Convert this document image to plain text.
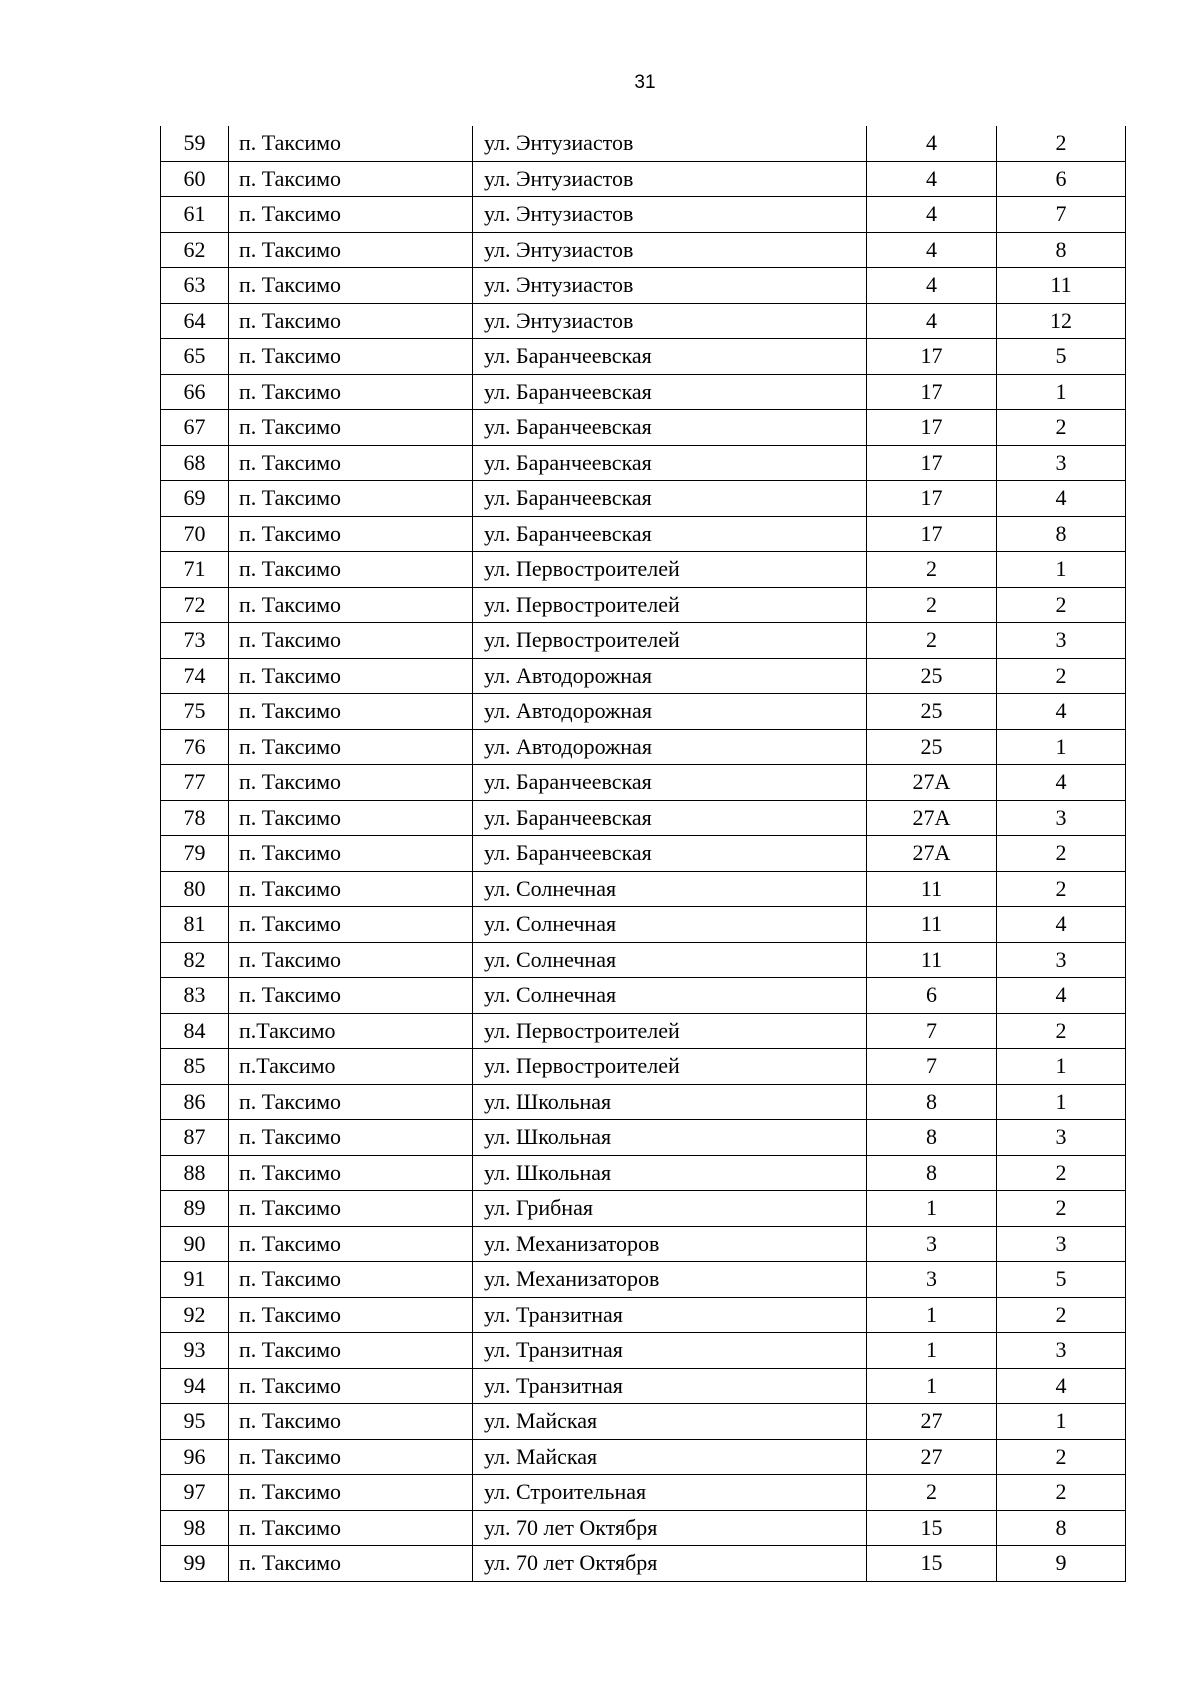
31
59	п. Таксимо	ул. Энтузиастов	4	2
60	п. Таксимо	ул. Энтузиастов	4	6
61	п. Таксимо	ул. Энтузиастов	4	7
62	п. Таксимо	ул. Энтузиастов	4	8
63	п. Таксимо	ул. Энтузиастов	4	11
64	п. Таксимо	ул. Энтузиастов	4	12
65	п. Таксимо	ул. Баранчеевская	17	5
66	п. Таксимо	ул. Баранчеевская	17	1
67	п. Таксимо	ул. Баранчеевская	17	2
68	п. Таксимо	ул. Баранчеевская	17	3
69	п. Таксимо	ул. Баранчеевская	17	4
70	п. Таксимо	ул. Баранчеевская	17	8
71	п. Таксимо	ул. Первостроителей	2	1
72	п. Таксимо	ул. Первостроителей	2	2
73	п. Таксимо	ул. Первостроителей	2	3
74	п. Таксимо	ул. Автодорожная	25	2
75	п. Таксимо	ул. Автодорожная	25	4
76	п. Таксимо	ул. Автодорожная	25	1
77	п. Таксимо	ул. Баранчеевская	27А	4
78	п. Таксимо	ул. Баранчеевская	27А	3
79	п. Таксимо	ул. Баранчеевская	27А	2
80	п. Таксимо	ул. Солнечная	11	2
81	п. Таксимо	ул. Солнечная	11	4
82	п. Таксимо	ул. Солнечная	11	3
83	п. Таксимо	ул. Солнечная	6	4
84	п.Таксимо	ул. Первостроителей	7	2
85	п.Таксимо	ул. Первостроителей	7	1
86	п. Таксимо	ул. Школьная	8	1
87	п. Таксимо	ул. Школьная	8	3
88	п. Таксимо	ул. Школьная	8	2
89	п. Таксимо	ул. Грибная	1	2
90	п. Таксимо	ул. Механизаторов	3	3
91	п. Таксимо	ул. Механизаторов	3	5
92	п. Таксимо	ул. Транзитная	1	2
93	п. Таксимо	ул. Транзитная	1	3
94	п. Таксимо	ул. Транзитная	1	4
95	п. Таксимо	ул. Майская	27	1
96	п. Таксимо	ул. Майская	27	2
97	п. Таксимо	ул. Строительная	2	2
98	п. Таксимо	ул. 70 лет Октября	15	8
99	п. Таксимо	ул. 70 лет Октября	15	9
